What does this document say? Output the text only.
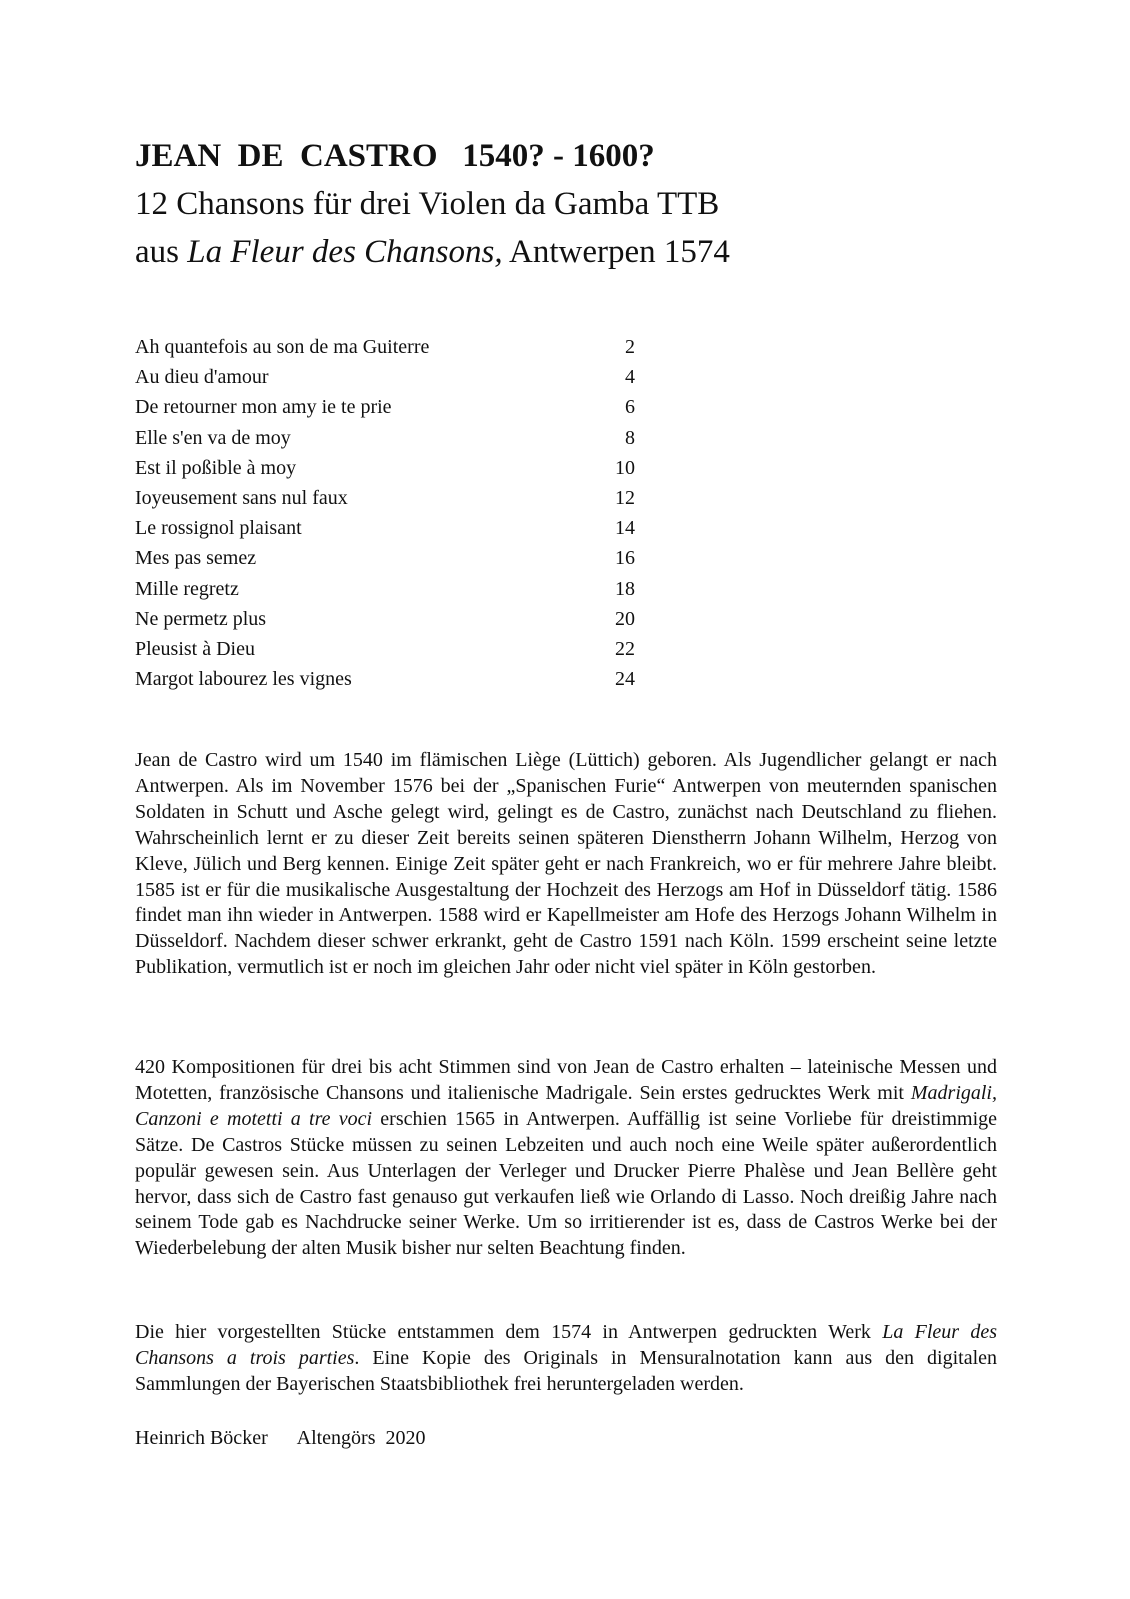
JEAN  DE  CASTRO   1540? - 1600?
12 Chansons für drei Violen da Gamba TTB
aus La Fleur des Chansons, Antwerpen 1574
Ah quantefois au son de ma Guiterre	2
Au dieu d'amour	4
De retourner mon amy ie te prie	6
Elle s'en va de moy	8
Est il poßible à moy	10
Ioyeusement sans nul faux	12
Le rossignol plaisant	14
Mes pas semez	16
Mille regretz	18
Ne permetz plus	20
Pleusist à Dieu	22
Margot labourez les vignes	24

Jean de Castro wird um 1540 im flämischen Liège (Lüttich) geboren. Als Jugendlicher gelangt er nach Antwerpen. Als im November 1576 bei der „Spanischen Furie“ Antwerpen von meuternden spanischen Soldaten in Schutt und Asche gelegt wird, gelingt es de Castro, zunächst nach Deutschland zu fliehen. Wahrscheinlich lernt er zu dieser Zeit bereits seinen späteren Dienstherrn Johann Wilhelm, Herzog von Kleve, Jülich und Berg kennen. Einige Zeit später geht er nach Frankreich, wo er für mehrere Jahre bleibt. 1585 ist er für die musikalische Ausgestaltung der Hochzeit des Herzogs am Hof in Düsseldorf tätig. 1586 findet man ihn wieder in Antwerpen. 1588 wird er Kapellmeister am Hofe des Herzogs Johann Wilhelm in Düsseldorf. Nachdem dieser schwer erkrankt, geht de Castro 1591 nach Köln. 1599 erscheint seine letzte Publikation, vermutlich ist er noch im gleichen Jahr oder nicht viel später in Köln gestorben.

420 Kompositionen für drei bis acht Stimmen sind von Jean de Castro erhalten – lateinische Messen und Motetten, französische Chansons und italienische Madrigale. Sein erstes gedrucktes Werk mit Madrigali, Canzoni e motetti a tre voci erschien 1565 in Antwerpen. Auffällig ist seine Vorliebe für dreistimmige Sätze. De Castros Stücke müssen zu seinen Lebzeiten und auch noch eine Weile später außerordentlich populär gewesen sein. Aus Unterlagen der Verleger und Drucker Pierre Phalèse und Jean Bellère geht hervor, dass sich de Castro fast genauso gut verkaufen ließ wie Orlando di Lasso. Noch dreißig Jahre nach seinem Tode gab es Nachdrucke seiner Werke. Um so irritierender ist es, dass de Castros Werke bei der Wiederbelebung der alten Musik bisher nur selten Beachtung finden.

Die hier vorgestellten Stücke entstammen dem 1574 in Antwerpen gedruckten Werk La Fleur des Chansons a trois parties. Eine Kopie des Originals in Mensuralnotation kann aus den digitalen Sammlungen der Bayerischen Staatsbibliothek frei heruntergeladen werden.

Heinrich Böcker      Altengörs  2020
